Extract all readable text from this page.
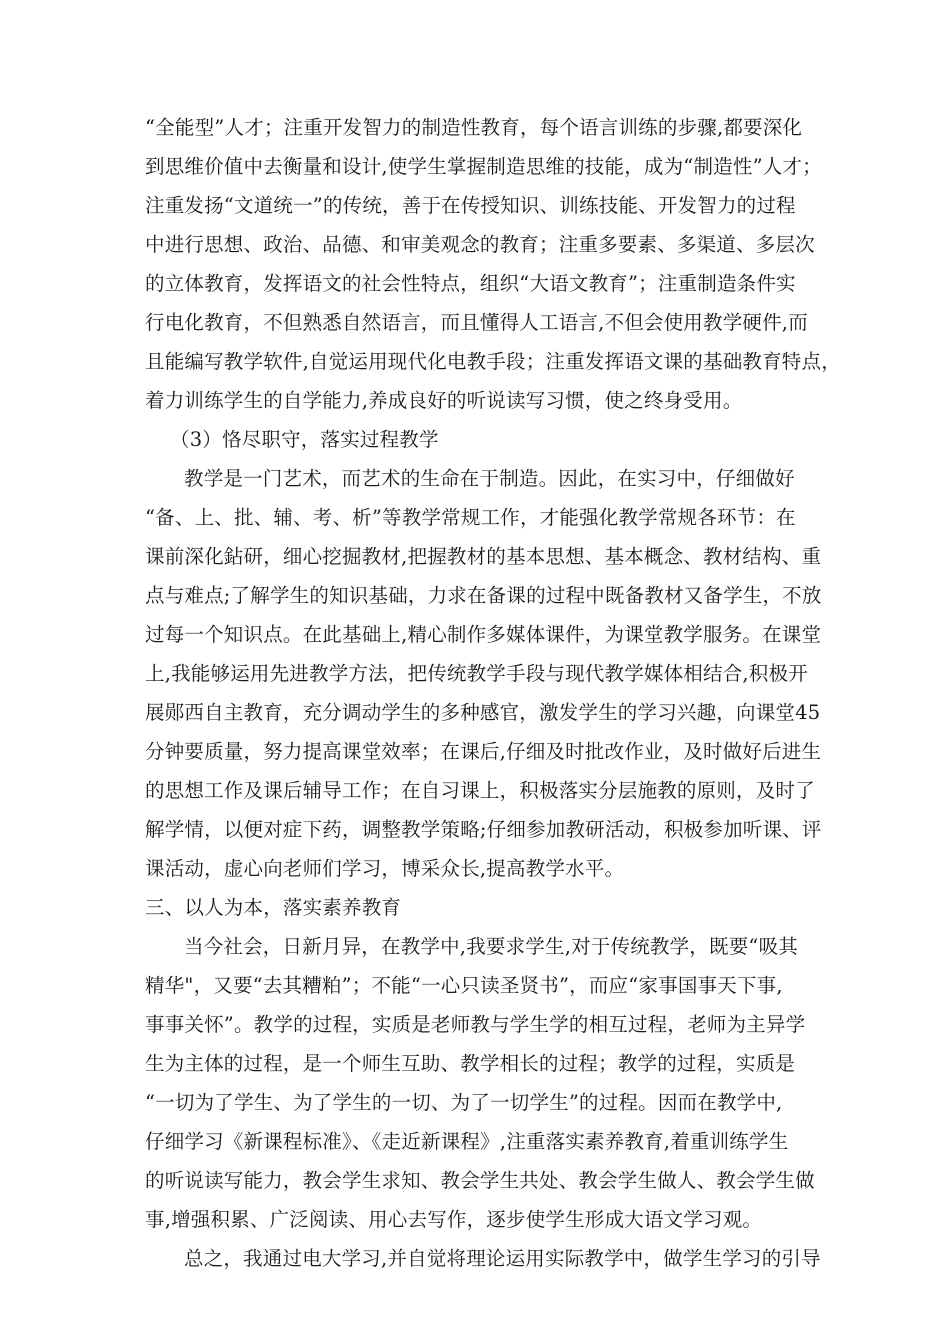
“全能型”人才；注重开发智力的制造性教育，每个语言训练的步骤,都要深化
到思维价值中去衡量和设计,使学生掌握制造思维的技能，成为“制造性”人才；
注重发扬“文道统一”的传统，善于在传授知识、训练技能、开发智力的过程
中进行思想、政治、品德、和审美观念的教育；注重多要素、多渠道、多层次
的立体教育，发挥语文的社会性特点，组织“大语文教育”；注重制造条件实
行电化教育，不但熟悉自然语言，而且懂得人工语言,不但会使用教学硬件,而
且能编写教学软件,自觉运用现代化电教手段；注重发挥语文课的基础教育特点，
着力训练学生的自学能力,养成良好的听说读写习惯，使之终身受用。
（3）恪尽职守，落实过程教学
教学是一门艺术，而艺术的生命在于制造。因此，在实习中，仔细做好
“备、上、批、辅、考、析”等教学常规工作，才能强化教学常规各环节：在
课前深化鉆研，细心挖掘教材,把握教材的基本思想、基本概念、教材结构、重
点与难点;了解学生的知识基础，力求在备课的过程中既备教材又备学生，不放
过每一个知识点。在此基础上,精心制作多媒体课件，为课堂教学服务。在课堂
上,我能够运用先进教学方法，把传统教学手段与现代教学媒体相结合,积极开
展郧西自主教育，充分调动学生的多种感官，激发学生的学习兴趣，向课堂45
分钟要质量，努力提高课堂效率；在课后,仔细及时批改作业，及时做好后进生
的思想工作及课后辅导工作；在自习课上，积极落实分层施教的原则，及时了
解学情，以便对症下药，调整教学策略;仔细参加教研活动，积极参加听课、评
课活动，虚心向老师们学习，博采众长,提高教学水平。
三、以人为本，落实素养教育
当今社会，日新月异，在教学中,我要求学生,对于传统教学，既要“吸其
精华"，又要“去其糟粕”；不能“一心只读圣贤书”，而应“家事国事天下事,
事事关怀”。教学的过程，实质是老师教与学生学的相互过程，老师为主异学
生为主体的过程，是一个师生互助、教学相长的过程；教学的过程，实质是
“一切为了学生、为了学生的一切、为了一切学生”的过程。因而在教学中,
仔细学习《新课程标准》、《走近新课程》,注重落实素养教育,着重训练学生
的听说读写能力，教会学生求知、教会学生共处、教会学生做人、教会学生做
事,增强积累、广泛阅读、用心去写作，逐步使学生形成大语文学习观。
总之，我通过电大学习,并自觉将理论运用实际教学中，做学生学习的引导
